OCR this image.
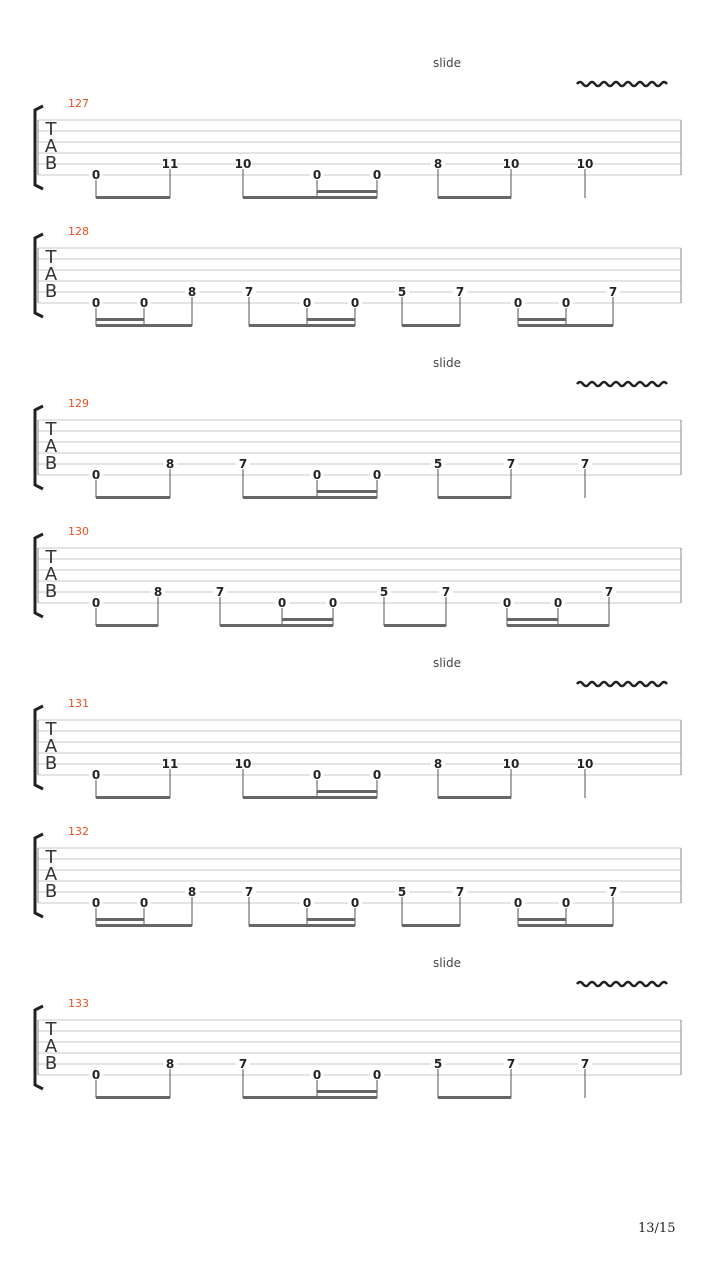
slide
127
T
A
B
0
11	10
0	0
8	10	10
128
T
A
B
0	0
8	7
0	0
5	7
0	0
7
slide
129
T
A
B
0
8	7
0	0
5	7	7
130
T
A
B
0
8	7
0	0
5	7
0	0
7
slide
131
T
A
B
0
11	10
0	0
8	10	10
132
T
A
B
0	0
8	7
0	0
5	7
0	0
7
slide
133
T
A
B
0
8	7
0	0
5	7	7
13/15
